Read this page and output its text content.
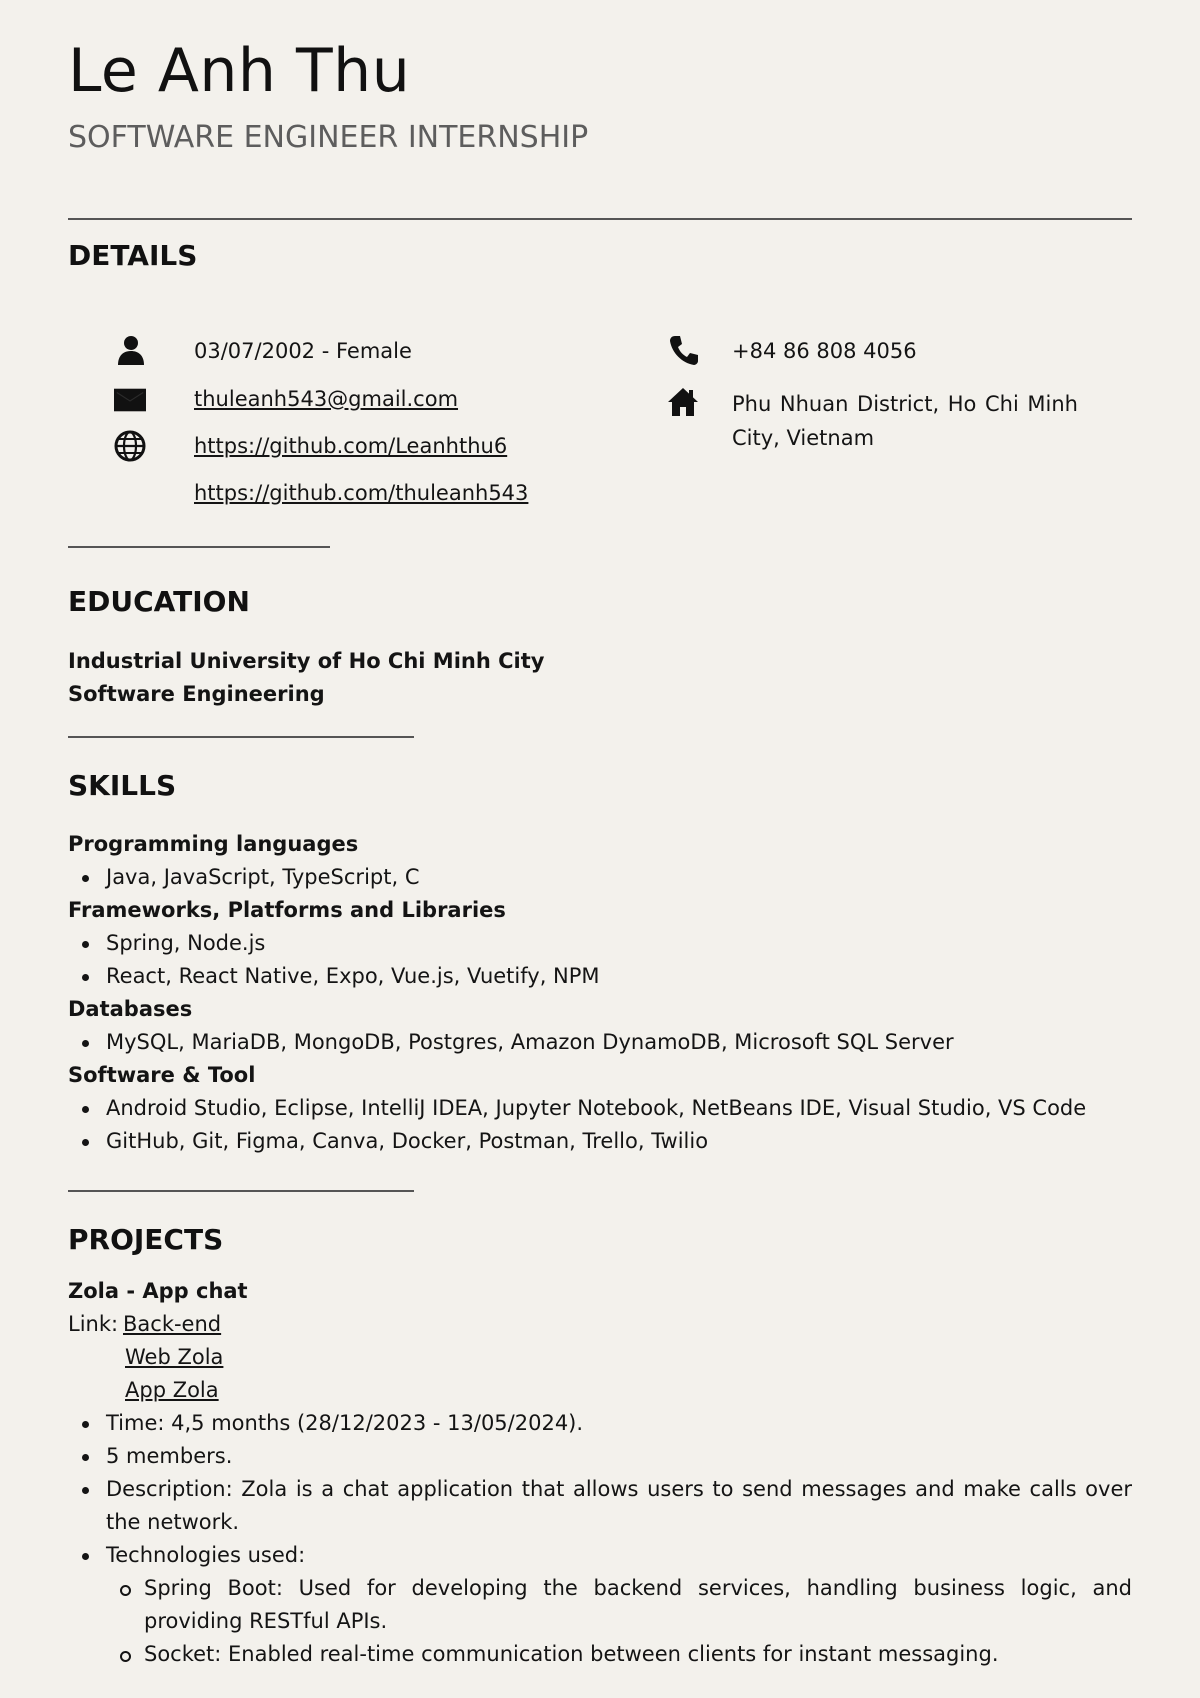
Le Anh Thu
SOFTWARE ENGINEER INTERNSHIP
DETAILS
03/07/2002 - Female
thuleanh543@gmail.com
https://github.com/Leanhthu6
https://github.com/thuleanh543
+84 86 808 4056
Phu Nhuan District, Ho Chi Minh City, Vietnam
EDUCATION
Industrial University of Ho Chi Minh City
Software Engineering
SKILLS
Programming languages
Java, JavaScript, TypeScript, C
Frameworks, Platforms and Libraries
Spring, Node.js
React, React Native, Expo, Vue.js, Vuetify, NPM
Databases
MySQL, MariaDB, MongoDB, Postgres, Amazon DynamoDB, Microsoft SQL Server
Software & Tool
Android Studio, Eclipse, IntelliJ IDEA, Jupyter Notebook, NetBeans IDE, Visual Studio, VS Code
GitHub, Git, Figma, Canva, Docker, Postman, Trello, Twilio
PROJECTS
Zola - App chat
Link: Back-end
Web Zola
App Zola
Time: 4,5 months (28/12/2023 - 13/05/2024).
5 members.
Description: Zola is a chat application that allows users to send messages and make calls over the network.
Technologies used:
Spring Boot: Used for developing the backend services, handling business logic, and providing RESTful APIs.
Socket: Enabled real-time communication between clients for instant messaging.
